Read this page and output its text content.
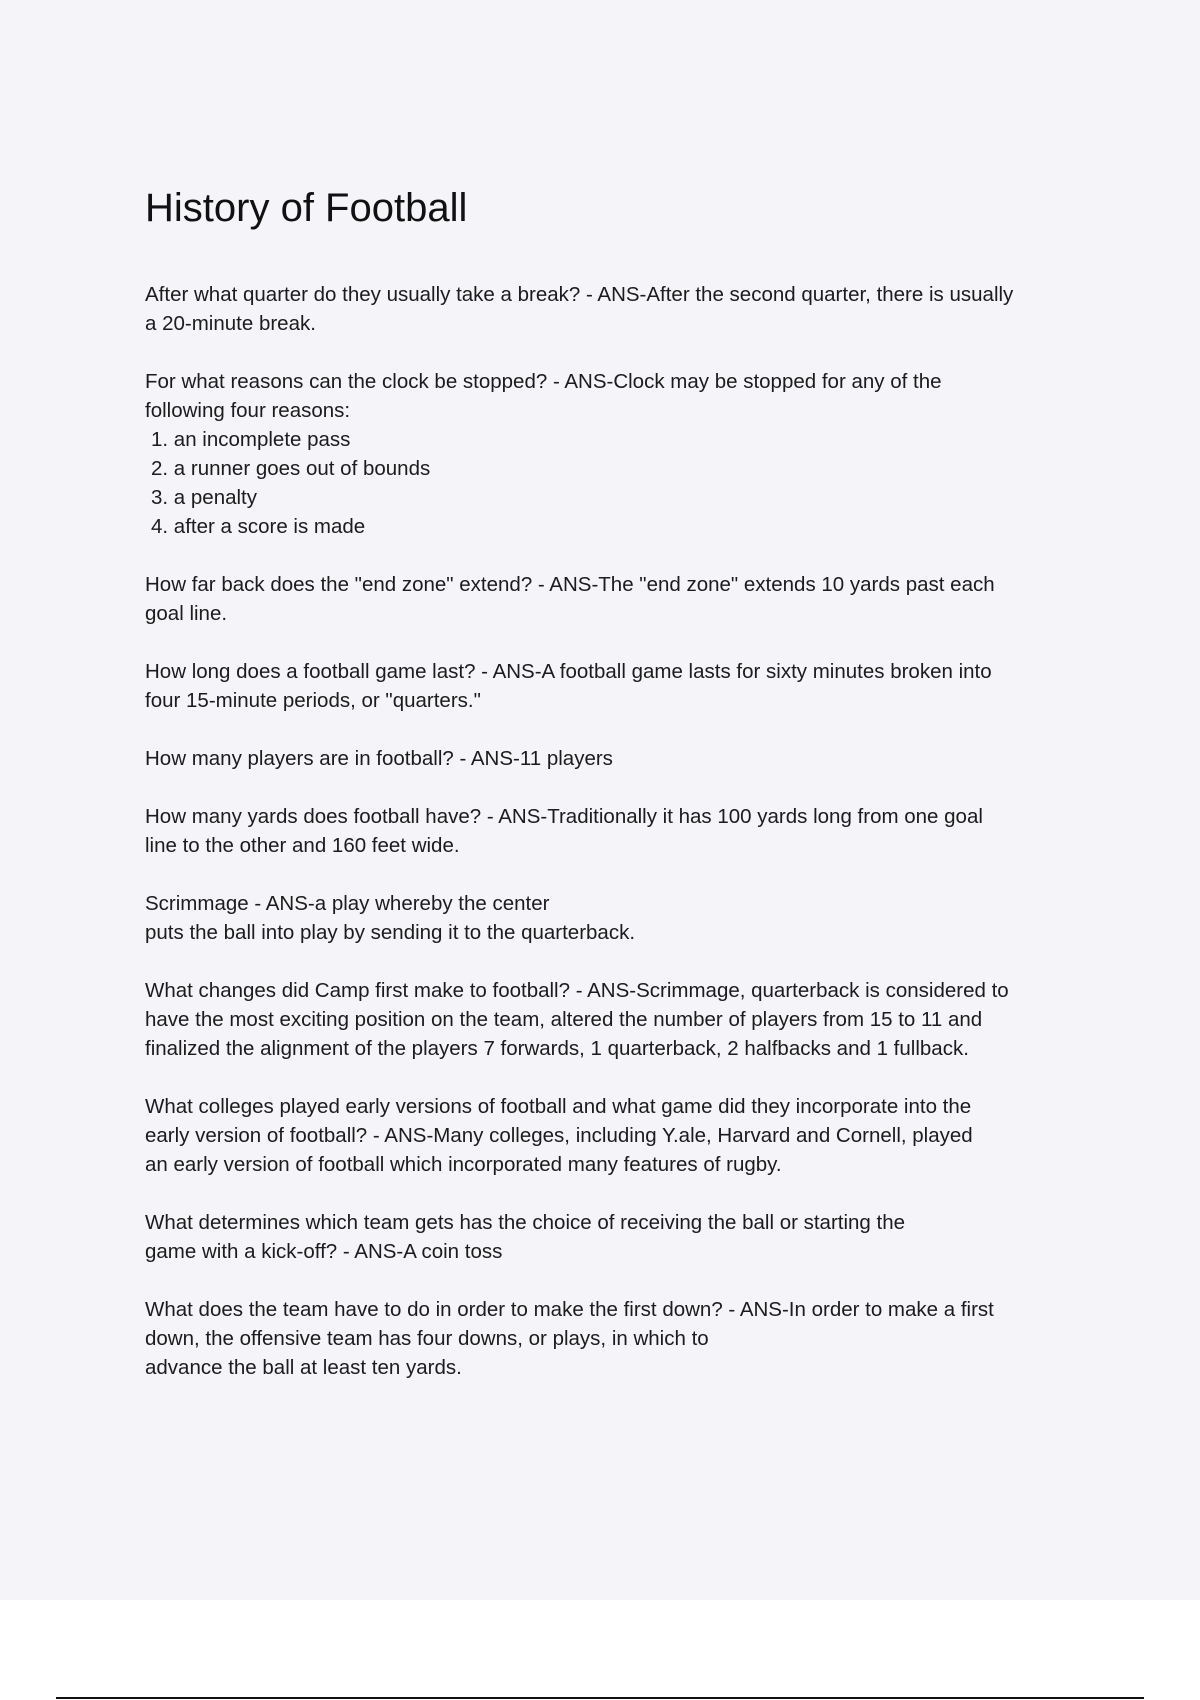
History of Football
After what quarter do they usually take a break? - ANS-After the second quarter, there is usually
a 20-minute break.
For what reasons can the clock be stopped? - ANS-Clock may be stopped for any of the
following four reasons:
1. an incomplete pass
2. a runner goes out of bounds
3. a penalty
4. after a score is made
How far back does the "end zone" extend? - ANS-The "end zone" extends 10 yards past each
goal line.
How long does a football game last? - ANS-A football game lasts for sixty minutes broken into
four 15-minute periods, or "quarters."
How many players are in football? - ANS-11 players
How many yards does football have? - ANS-Traditionally it has 100 yards long from one goal
line to the other and 160 feet wide.
Scrimmage - ANS-a play whereby the center
puts the ball into play by sending it to the quarterback.
What changes did Camp first make to football? - ANS-Scrimmage, quarterback is considered to
have the most exciting position on the team, altered the number of players from 15 to 11 and
finalized the alignment of the players 7 forwards, 1 quarterback, 2 halfbacks and 1 fullback.
What colleges played early versions of football and what game did they incorporate into the
early version of football? - ANS-Many colleges, including Y.ale, Harvard and Cornell, played
an early version of football which incorporated many features of rugby.
What determines which team gets has the choice of receiving the ball or starting the
game with a kick-off? - ANS-A coin toss
What does the team have to do in order to make the first down? - ANS-In order to make a first
down, the offensive team has four downs, or plays, in which to
advance the ball at least ten yards.
